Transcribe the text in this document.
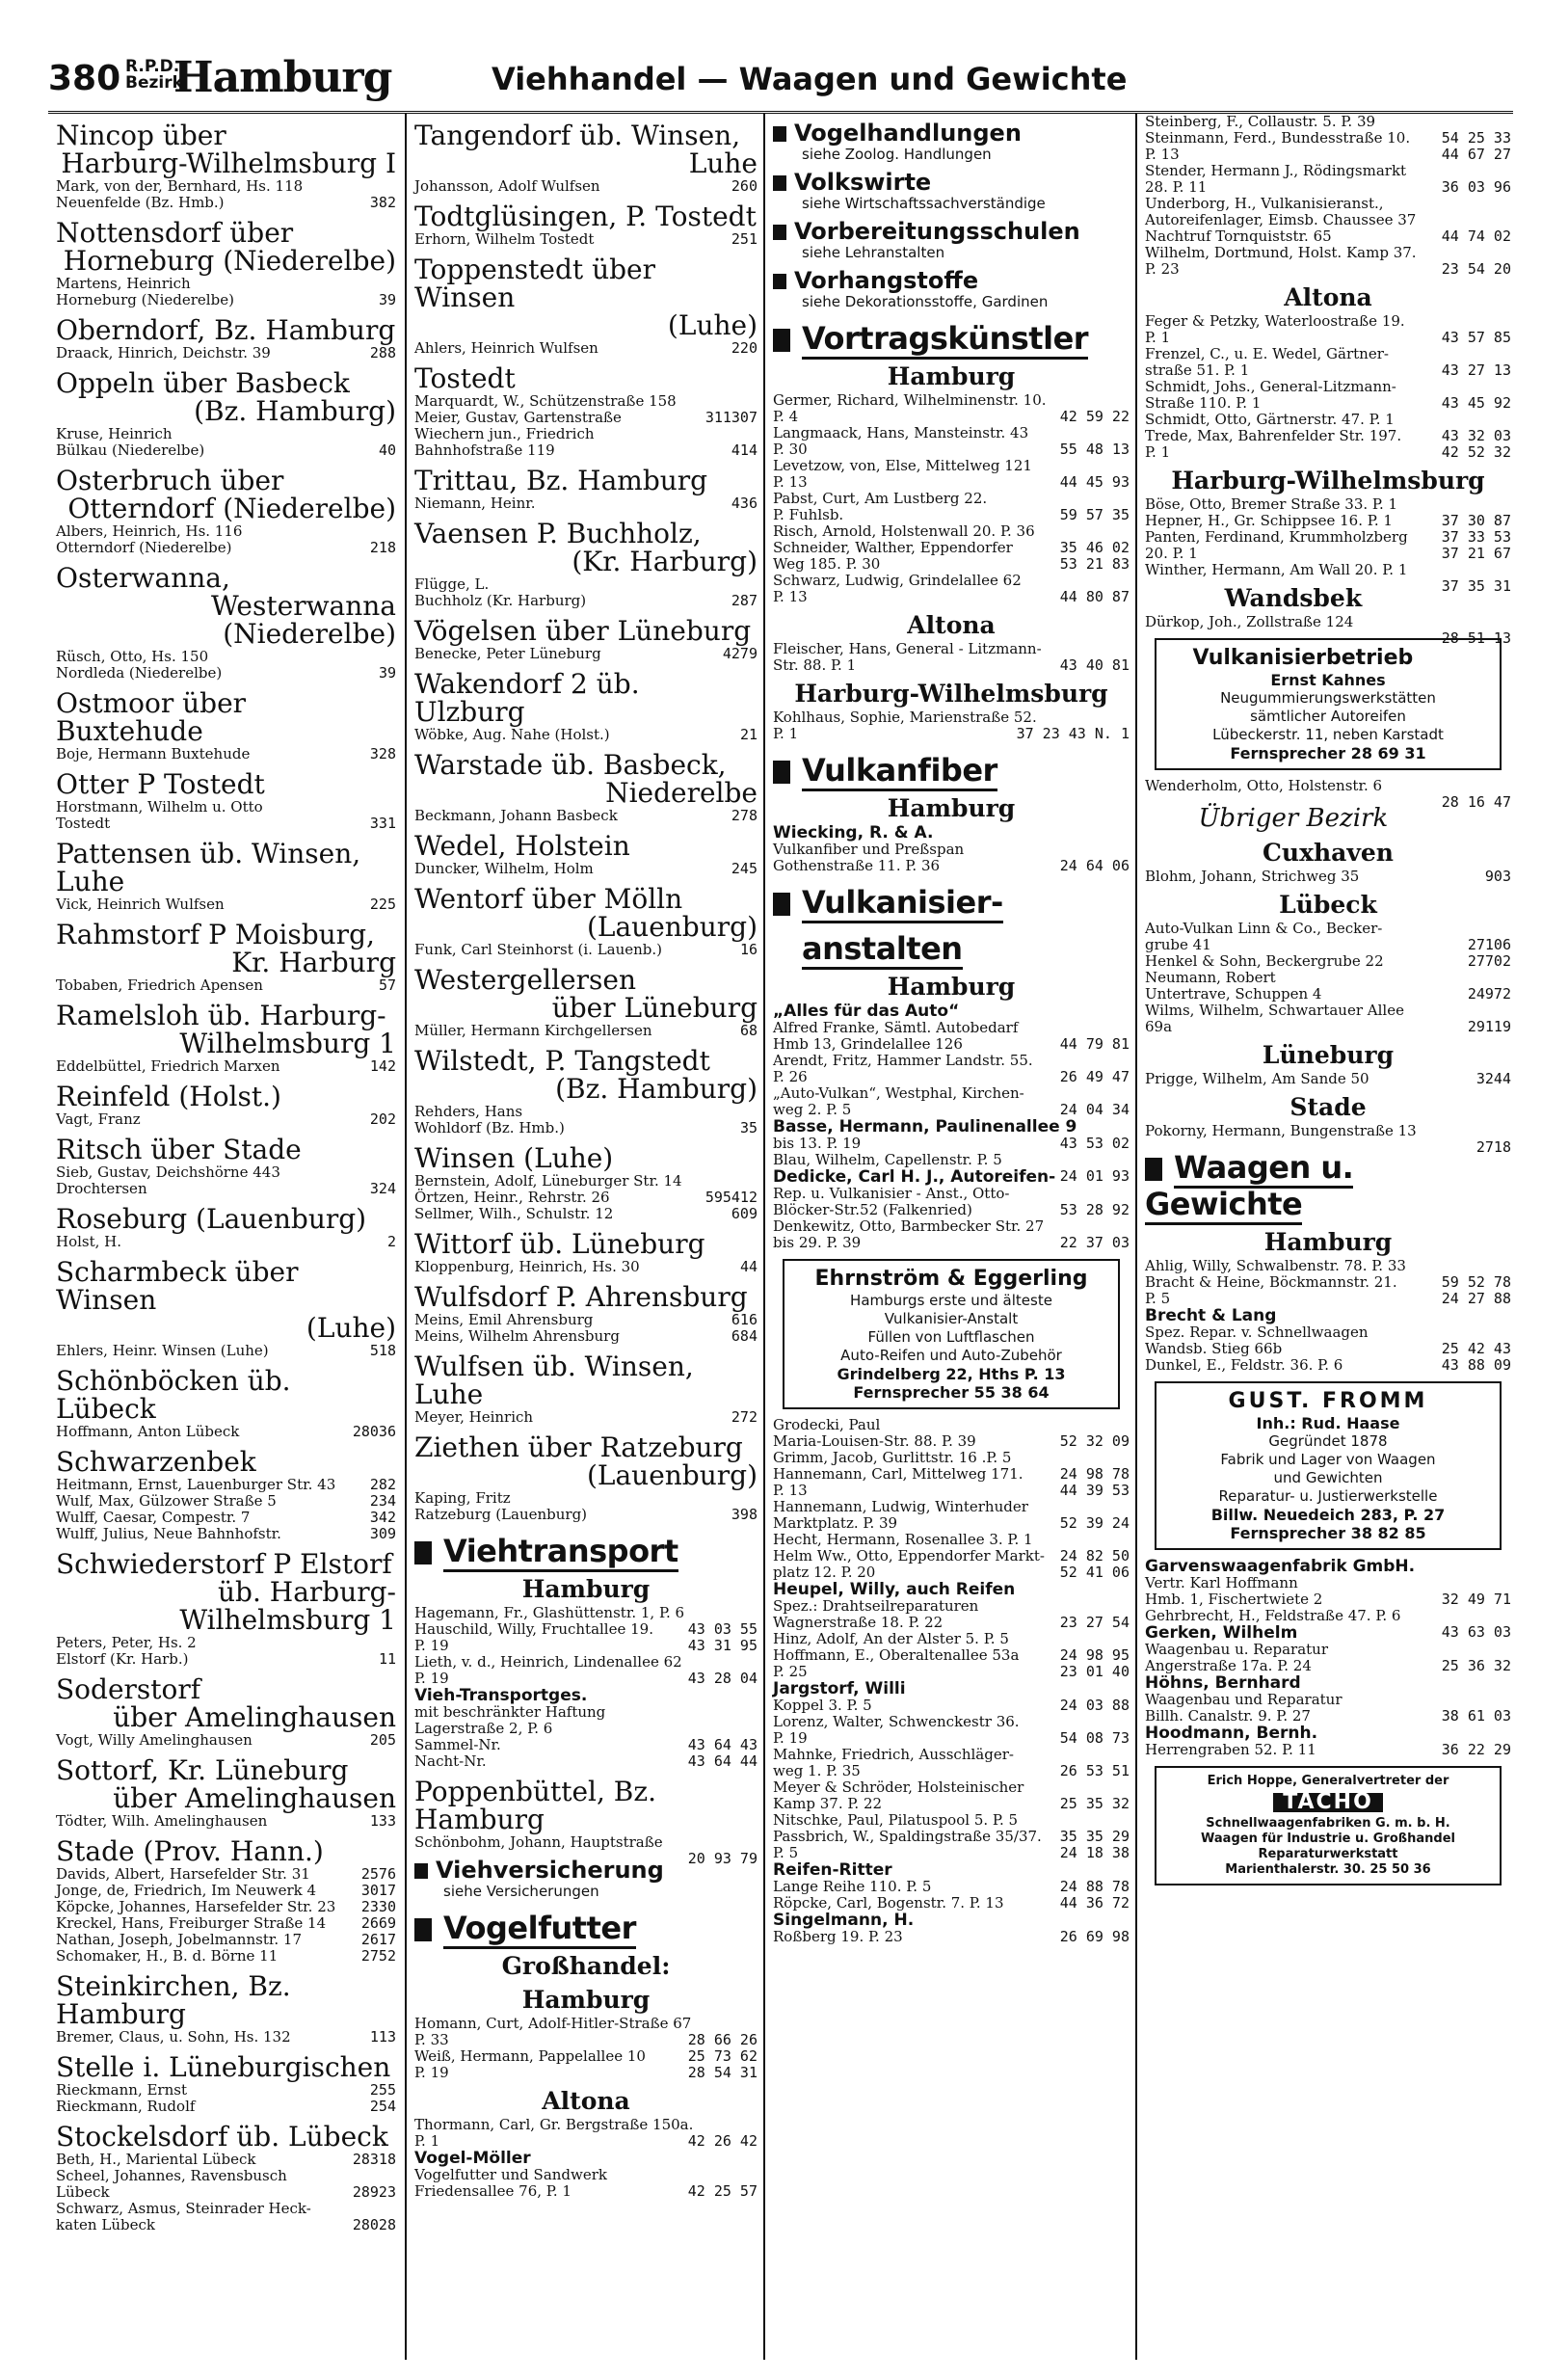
380 R.P.D.
Bezirk
Hamburg	Viehhandel — Waagen und Gewichte
Nincop über
Harburg-Wilhelmsburg I
Mark, von der, Bernhard, Hs. 118
382
Neuenfelde (Bz. Hmb.)
Nottensdorf über
Horneburg (Niederelbe)
Martens, Heinrich
39
Horneburg (Niederelbe)
Oberndorf, Bz. Hamburg
288
Draack, Hinrich, Deichstr. 39
Oppeln über Basbeck
(Bz. Hamburg)
Kruse, Heinrich
40
Bülkau (Niederelbe)
Osterbruch über
Otterndorf (Niederelbe)
Albers, Heinrich, Hs. 116
218
Otterndorf (Niederelbe)
Osterwanna,
Westerwanna (Niederelbe)
Rüsch, Otto, Hs. 150
39
Nordleda (Niederelbe)
Ostmoor über Buxtehude
328
Boje, Hermann Buxtehude
Otter P Tostedt
Horstmann, Wilhelm u. Otto
331
Tostedt
Pattensen üb. Winsen, Luhe
225
Vick, Heinrich Wulfsen
Rahmstorf P Moisburg,
Kr. Harburg
57
Tobaben, Friedrich Apensen
Ramelsloh üb. Harburg-
Wilhelmsburg 1
142
Eddelbüttel, Friedrich Marxen
Reinfeld (Holst.)
202
Vagt, Franz
Ritsch über Stade
Sieb, Gustav, Deichshörne 443
324
Drochtersen
Roseburg (Lauenburg)
2
Holst, H.
Scharmbeck über Winsen
(Luhe)
518
Ehlers, Heinr. Winsen (Luhe)
Schönböcken üb. Lübeck
28036
Hoffmann, Anton Lübeck
Schwarzenbek
282
Heitmann, Ernst, Lauenburger Str. 43
234
Wulf, Max, Gülzower Straße 5
342
Wulff, Caesar, Compestr. 7
309
Wulff, Julius, Neue Bahnhofstr.
Schwiederstorf P Elstorf
üb. Harburg-Wilhelmsburg 1
Peters, Peter, Hs. 2
11
Elstorf (Kr. Harb.)
Soderstorf
über Amelinghausen
205
Vogt, Willy Amelinghausen
Sottorf, Kr. Lüneburg
über Amelinghausen
133
Tödter, Wilh. Amelinghausen
Stade (Prov. Hann.)
2576
Davids, Albert, Harsefelder Str. 31
3017
Jonge, de, Friedrich, Im Neuwerk 4
2330
Köpcke, Johannes, Harsefelder Str. 23
2669
Kreckel, Hans, Freiburger Straße 14
2617
Nathan, Joseph, Jobelmannstr. 17
2752
Schomaker, H., B. d. Börne 11
Steinkirchen, Bz. Hamburg
113
Bremer, Claus, u. Sohn, Hs. 132
Stelle i. Lüneburgischen
255
Rieckmann, Ernst
254
Rieckmann, Rudolf
Stockelsdorf üb. Lübeck
28318
Beth, H., Mariental Lübeck
Scheel, Johannes, Ravensbusch
28923
Lübeck
Schwarz, Asmus, Steinrader Heck-
28028
katen Lübeck
Tangendorf üb. Winsen,
Luhe
260
Johansson, Adolf Wulfsen
Todtglüsingen, P. Tostedt
251
Erhorn, Wilhelm Tostedt
Toppenstedt über Winsen
(Luhe)
220
Ahlers, Heinrich Wulfsen
Tostedt
Marquardt, W., Schützenstraße 158
307
311
Meier, Gustav, Gartenstraße
Wiechern jun., Friedrich
414
Bahnhofstraße 119
Trittau, Bz. Hamburg
436
Niemann, Heinr.
Vaensen P. Buchholz,
(Kr. Harburg)
Flügge, L.
287
Buchholz (Kr. Harburg)
Vögelsen über Lüneburg
4279
Benecke, Peter Lüneburg
Wakendorf 2 üb. Ulzburg
21
Wöbke, Aug. Nahe (Holst.)
Warstade üb. Basbeck,
Niederelbe
278
Beckmann, Johann Basbeck
Wedel, Holstein
245
Duncker, Wilhelm, Holm
Wentorf über Mölln
(Lauenburg)
16
Funk, Carl Steinhorst (i. Lauenb.)
Westergellersen
über Lüneburg
68
Müller, Hermann Kirchgellersen
Wilstedt, P. Tangstedt
(Bz. Hamburg)
Rehders, Hans
35
Wohldorf (Bz. Hmb.)
Winsen (Luhe)
Bernstein, Adolf, Lüneburger Str. 14
412
595
Örtzen, Heinr., Rehrstr. 26
609
Sellmer, Wilh., Schulstr. 12
Wittorf üb. Lüneburg
44
Kloppenburg, Heinrich, Hs. 30
Wulfsdorf P. Ahrensburg
616
Meins, Emil Ahrensburg
684
Meins, Wilhelm Ahrensburg
Wulfsen üb. Winsen, Luhe
272
Meyer, Heinrich
Ziethen über Ratzeburg
(Lauenburg)
Kaping, Fritz
398
Ratzeburg (Lauenburg)
Viehtransport
Hamburg
Hagemann, Fr., Glashüttenstr. 1, P. 6
43 03 55
Hauschild, Willy, Fruchtallee 19.
43 31 95
P. 19
Lieth, v. d., Heinrich, Lindenallee 62
43 28 04
P. 19
Vieh-Transportges.
mit beschränkter Haftung
Lagerstraße 2, P. 6
43 64 43
Sammel-Nr.
43 64 44
Nacht-Nr.
Poppenbüttel, Bz. Hamburg
Schönbohm, Johann, Hauptstraße
20 93 79
Viehversicherung
siehe Versicherungen
Vogelfutter
Großhandel:
Hamburg
Homann, Curt, Adolf-Hitler-Straße 67
28 66 26
P. 33
25 73 62
Weiß, Hermann, Pappelallee 10
28 54 31
P. 19
Altona
Thormann, Carl, Gr. Bergstraße 150a.
42 26 42
P. 1
Vogel-Möller
Vogelfutter und Sandwerk
42 25 57
Friedensallee 76, P. 1
Vogelhandlungen
siehe Zoolog. Handlungen
Volkswirte
siehe Wirtschaftssachverständige
Vorbereitungsschulen
siehe Lehranstalten
Vorhangstoffe
siehe Dekorationsstoffe, Gardinen
Vortragskünstler
Hamburg
Germer, Richard, Wilhelminenstr. 10.
42 59 22
P. 4
Langmaack, Hans, Mansteinstr. 43
55 48 13
P. 30
Levetzow, von, Else, Mittelweg 121
44 45 93
P. 13
Pabst, Curt, Am Lustberg 22.
59 57 35
P. Fuhlsb.
Risch, Arnold, Holstenwall 20. P. 36
35 46 02
Schneider, Walther, Eppendorfer
53 21 83
Weg 185. P. 30
Schwarz, Ludwig, Grindelallee 62
44 80 87
P. 13
Altona
Fleischer, Hans, General - Litzmann-
43 40 81
Str. 88. P. 1
Harburg-Wilhelmsburg
Kohlhaus, Sophie, Marienstraße 52.
37 23 43 N. 1
P. 1
Vulkanfiber
Hamburg
Wiecking, R. & A.
Vulkanfiber und Preßspan
24 64 06
Gothenstraße 11. P. 36
Vulkanisier-
anstalten
Hamburg
„Alles für das Auto“
Alfred Franke, Sämtl. Autobedarf
44 79 81
Hmb 13, Grindelallee 126
Arendt, Fritz, Hammer Landstr. 55.
26 49 47
P. 26
„Auto-Vulkan“, Westphal, Kirchen-
24 04 34
weg 2. P. 5
Basse, Hermann, Paulinenallee 9
43 53 02
bis 13. P. 19
Blau, Wilhelm, Capellenstr. P. 5
24 01 93
Dedicke, Carl H. J., Autoreifen-
Rep. u. Vulkanisier - Anst., Otto-
53 28 92
Blöcker-Str.52 (Falkenried)
Denkewitz, Otto, Barmbecker Str. 27
22 37 03
bis 29. P. 39
Ehrnström & Eggerling
Hamburgs erste und älteste
Vulkanisier-Anstalt
Füllen von Luftflaschen
Auto-Reifen und Auto-Zubehör
Grindelberg 22, Hths P. 13
Fernsprecher 55 38 64
Grodecki, Paul
52 32 09
Maria-Louisen-Str. 88. P. 39
Grimm, Jacob, Gurlittstr. 16 .P. 5
24 98 78
Hannemann, Carl, Mittelweg 171.
44 39 53
P. 13
Hannemann, Ludwig, Winterhuder
52 39 24
Marktplatz. P. 39
Hecht, Hermann, Rosenallee 3. P. 1
24 82 50
Helm Ww., Otto, Eppendorfer Markt-
52 41 06
platz 12. P. 20
Heupel, Willy, auch Reifen
Spez.: Drahtseilreparaturen
23 27 54
Wagnerstraße 18. P. 22
Hinz, Adolf, An der Alster 5. P. 5
24 98 95
Hoffmann, E., Oberaltenallee 53a
23 01 40
P. 25
Jargstorf, Willi
24 03 88
Koppel 3. P. 5
Lorenz, Walter, Schwenckestr 36.
54 08 73
P. 19
Mahnke, Friedrich, Ausschläger-
26 53 51
weg 1. P. 35
Meyer & Schröder, Holsteinischer
25 35 32
Kamp 37. P. 22
Nitschke, Paul, Pilatuspool 5. P. 5
35 35 29
Passbrich, W., Spaldingstraße 35/37.
24 18 38
P. 5
Reifen-Ritter
24 88 78
Lange Reihe 110. P. 5
44 36 72
Röpcke, Carl, Bogenstr. 7. P. 13
Singelmann, H.
26 69 98
Roßberg 19. P. 23
Steinberg, F., Collaustr. 5. P. 39
54 25 33
Steinmann, Ferd., Bundesstraße 10.
44 67 27
P. 13
Stender, Hermann J., Rödingsmarkt
36 03 96
28. P. 11
Underborg, H., Vulkanisieranst.,
Autoreifenlager, Eimsb. Chaussee 37
44 74 02
Nachtruf Tornquiststr. 65
Wilhelm, Dortmund, Holst. Kamp 37.
23 54 20
P. 23
Altona
Feger & Petzky, Waterloostraße 19.
43 57 85
P. 1
Frenzel, C., u. E. Wedel, Gärtner-
43 27 13
straße 51. P. 1
Schmidt, Johs., General-Litzmann-
43 45 92
Straße 110. P. 1
Schmidt, Otto, Gärtnerstr. 47. P. 1
43 32 03
Trede, Max, Bahrenfelder Str. 197.
42 52 32
P. 1
Harburg-Wilhelmsburg
Böse, Otto, Bremer Straße 33. P. 1
37 30 87
Hepner, H., Gr. Schippsee 16. P. 1
37 33 53
Panten, Ferdinand, Krummholzberg
37 21 67
20. P. 1
Winther, Hermann, Am Wall 20. P. 1
37 35 31
Wandsbek
Dürkop, Joh., Zollstraße 124
28 51 13
Vulkanisierbetrieb
Ernst Kahnes
Neugummierungswerkstätten
sämtlicher Autoreifen
Lübeckerstr. 11, neben Karstadt
Fernsprecher 28 69 31
Wenderholm, Otto, Holstenstr. 6
28 16 47
Übriger Bezirk
Cuxhaven
903
Blohm, Johann, Strichweg 35
Lübeck
Auto-Vulkan Linn & Co., Becker-
27106
grube 41
27702
Henkel & Sohn, Beckergrube 22
Neumann, Robert
24972
Untertrave, Schuppen 4
Wilms, Wilhelm, Schwartauer Allee
29119
69a
Lüneburg
3244
Prigge, Wilhelm, Am Sande 50
Stade
Pokorny, Hermann, Bungenstraße 13
2718
Waagen u. Gewichte
Hamburg
Ahlig, Willy, Schwalbenstr. 78. P. 33
59 52 78
Bracht & Heine, Böckmannstr. 21.
24 27 88
P. 5
Brecht & Lang
Spez. Repar. v. Schnellwaagen
25 42 43
Wandsb. Stieg 66b
43 88 09
Dunkel, E., Feldstr. 36. P. 6
GUST. FROMM
Inh.: Rud. Haase
Gegründet 1878
Fabrik und Lager von Waagen
und Gewichten
Reparatur- u. Justierwerkstelle
Billw. Neuedeich 283, P. 27
Fernsprecher 38 82 85
Garvenswaagenfabrik GmbH.
Vertr. Karl Hoffmann
32 49 71
Hmb. 1, Fischertwiete 2
Gehrbrecht, H., Feldstraße 47. P. 6
43 63 03
Gerken, Wilhelm
Waagenbau u. Reparatur
25 36 32
Angerstraße 17a. P. 24
Höhns, Bernhard
Waagenbau und Reparatur
38 61 03
Billh. Canalstr. 9. P. 27
Hoodmann, Bernh.
36 22 29
Herrengraben 52. P. 11
Erich Hoppe, Generalvertreter der
TACHO
Schnellwaagenfabriken G. m. b. H.
Waagen für Industrie u. Großhandel
Reparaturwerkstatt
Marienthalerstr. 30. 25 50 36
